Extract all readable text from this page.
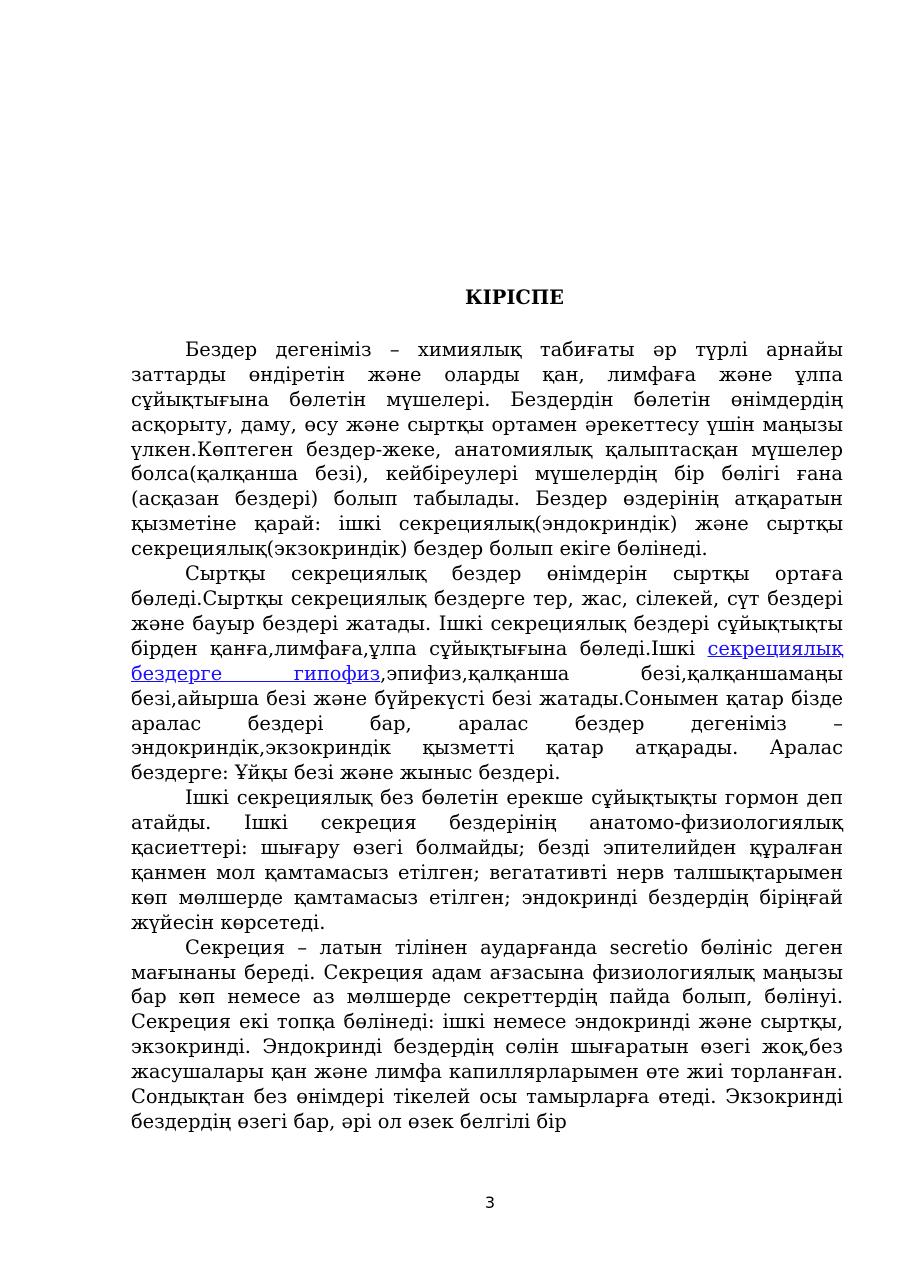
КІРІСПЕ

Бездер дегеніміз – химиялық табиғаты әр түрлі арнайы заттарды өндіретін және оларды қан, лимфаға және ұлпа сұйықтығына бөлетін мүшелері. Бездердін бөлетін өнімдердің асқорыту, даму, өсу және сыртқы ортамен әрекеттесу үшін маңызы үлкен.Көптеген бездер-жеке, анатомиялық қалыптасқан мүшелер болса(қалқанша безі), кейбіреулері мүшелердің бір бөлігі ғана (асқазан бездері) болып табылады. Бездер өздерінің атқаратын қызметіне қарай: ішкі секрециялық(эндокриндік) және сыртқы секрециялық(экзокриндік) бездер болып екіге бөлінеді.

Сыртқы секрециялық бездер өнімдерін сыртқы ортаға бөледі.Сыртқы секрециялық бездерге тер, жас, сілекей, сүт бездері және бауыр бездері жатады. Ішкі секрециялық бездері сұйықтықты бірден қанға,лимфаға,ұлпа сұйықтығына бөледі.Ішкі секрециялық бездерге гипофиз,эпифиз,қалқанша безі,қалқаншамаңы безі,айырша безі және бүйрекүсті безі жатады.Сонымен қатар бізде аралас бездері бар, аралас бездер дегеніміз – эндокриндік,экзокриндік қызметті қатар атқарады. Аралас бездерге: Ұйқы безі және жыныс бездері.

Ішкі секрециялық без бөлетін ерекше сұйықтықты гормон деп атайды. Ішкі секреция бездерінің анатомо-физиологиялық қасиеттері: шығару өзегі болмайды; безді эпителийден құралған қанмен мол қамтамасыз етілген; вегатативті нерв талшықтарымен көп мөлшерде қамтамасыз етілген; эндокринді бездердің біріңғай жүйесін көрсетеді.

Секреция – латын тілінен аударғанда secretio бөлініс деген мағынаны береді. Секреция адам ағзасына физиологиялық маңызы бар көп немесе аз мөлшерде секреттердің пайда болып, бөлінуі. Секреция екі топқа бөлінеді: ішкі немесе эндокринді және сыртқы, экзокринді. Эндокринді бездердің сөлін шығаратын өзегі жоқ,без жасушалары қан және лимфа капиллярларымен өте жиі торланған. Сондықтан без өнімдері тікелей осы тамырларға өтеді. Экзокринді бездердің өзегі бар, әрі ол өзек белгілі бір

3
